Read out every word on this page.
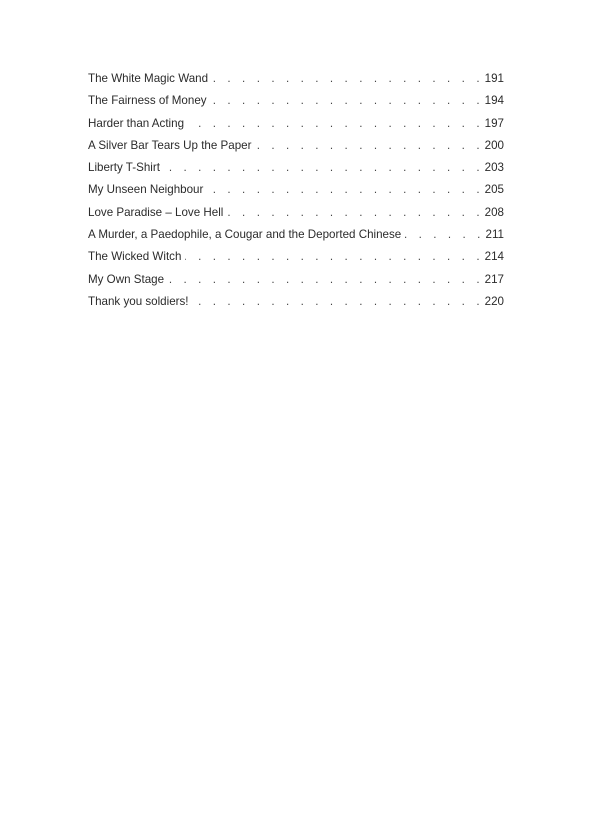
The White Magic Wand . . .	191
The Fairness of Money . . .	194
Harder than Acting . . .	197
A Silver Bar Tears Up the Paper . . .	200
Liberty T-Shirt . . .	203
My Unseen Neighbour . . .	205
Love Paradise – Love Hell . . .	208
A Murder, a Paedophile, a Cougar and the Deported Chinese . . .	211
The Wicked Witch . . .	214
My Own Stage . . .	217
Thank you soldiers! . . .	220
